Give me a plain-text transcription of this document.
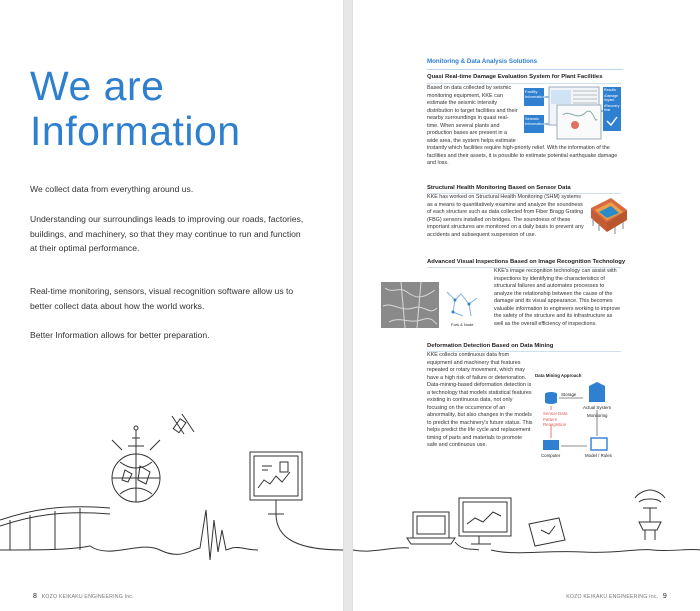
We are
Information

We collect data from everything around us.

Understanding our surroundings leads to improving our roads, factories, buildings, and machinery, so that they may continue to run and function at their optimal performance.

Real-time monitoring, sensors, visual recognition software allow us to better collect data about how the world works.

Better Information allows for better preparation.

8 KOZO KEIKAKU ENGINEERING Inc.
Monitoring & Data Analysis Solutions
Quasi Real-time Damage Evaluation System for Plant Facilities
Facility Information
Seismic Information
Results
•Damage Impact
•Recovery time
Based on data collected by seismic monitoring equipment, KKE can estimate the seismic intensity distribution to target facilities and their nearby surroundings in quasi real-time. When several plants and production bases are present in a wide area, the system helps estimate instantly which facilities require high-priority relief. With the information of the facilities and their assets, it is possible to estimate potential earthquake damage and loss.
Structural Health Monitoring Based on Sensor Data
KKE has worked on Structural Health Monitoring (SHM) systems as a means to quantitatively examine and analyze the soundness of each structure such as data collected from Fiber Bragg Grating (FBG) sensors installed on bridges. The soundness of these important structures are monitored on a daily basis to prevent any accidents and subsequent suspension of use.
Advanced Visual Inspections Based on Image Recognition Technology
Fork & Node
KKE's image recognition technology can assist with inspections by identifying the characteristics of structural failures and automates processes to analyze the relationship between the cause of the damage and its visual appearance. This becomes valuable information to engineers working to improve the safety of the structure and its infrastructure as well as the overall efficiency of inspections.
Deformation Detection Based on Data Mining
Data Mining Approach
Storage
Sensor Data
Actual System
Pattern Recognition
Monitoring
Computer	Model / Rules
KKE collects continuous data from equipment and machinery that features repeated or rotary movement, which may have a high risk of failure or deterioration. Data-mining-based deformation detection is a technology that models statistical features existing in continuous data, not only focusing on the occurrence of an abnormality, but also changes in the models to predict the machinery's future status. This helps predict the life cycle and replacement timing of parts and materials to promote safe and continuous use.
KOZO KEIKAKU ENGINEERING Inc. 9
